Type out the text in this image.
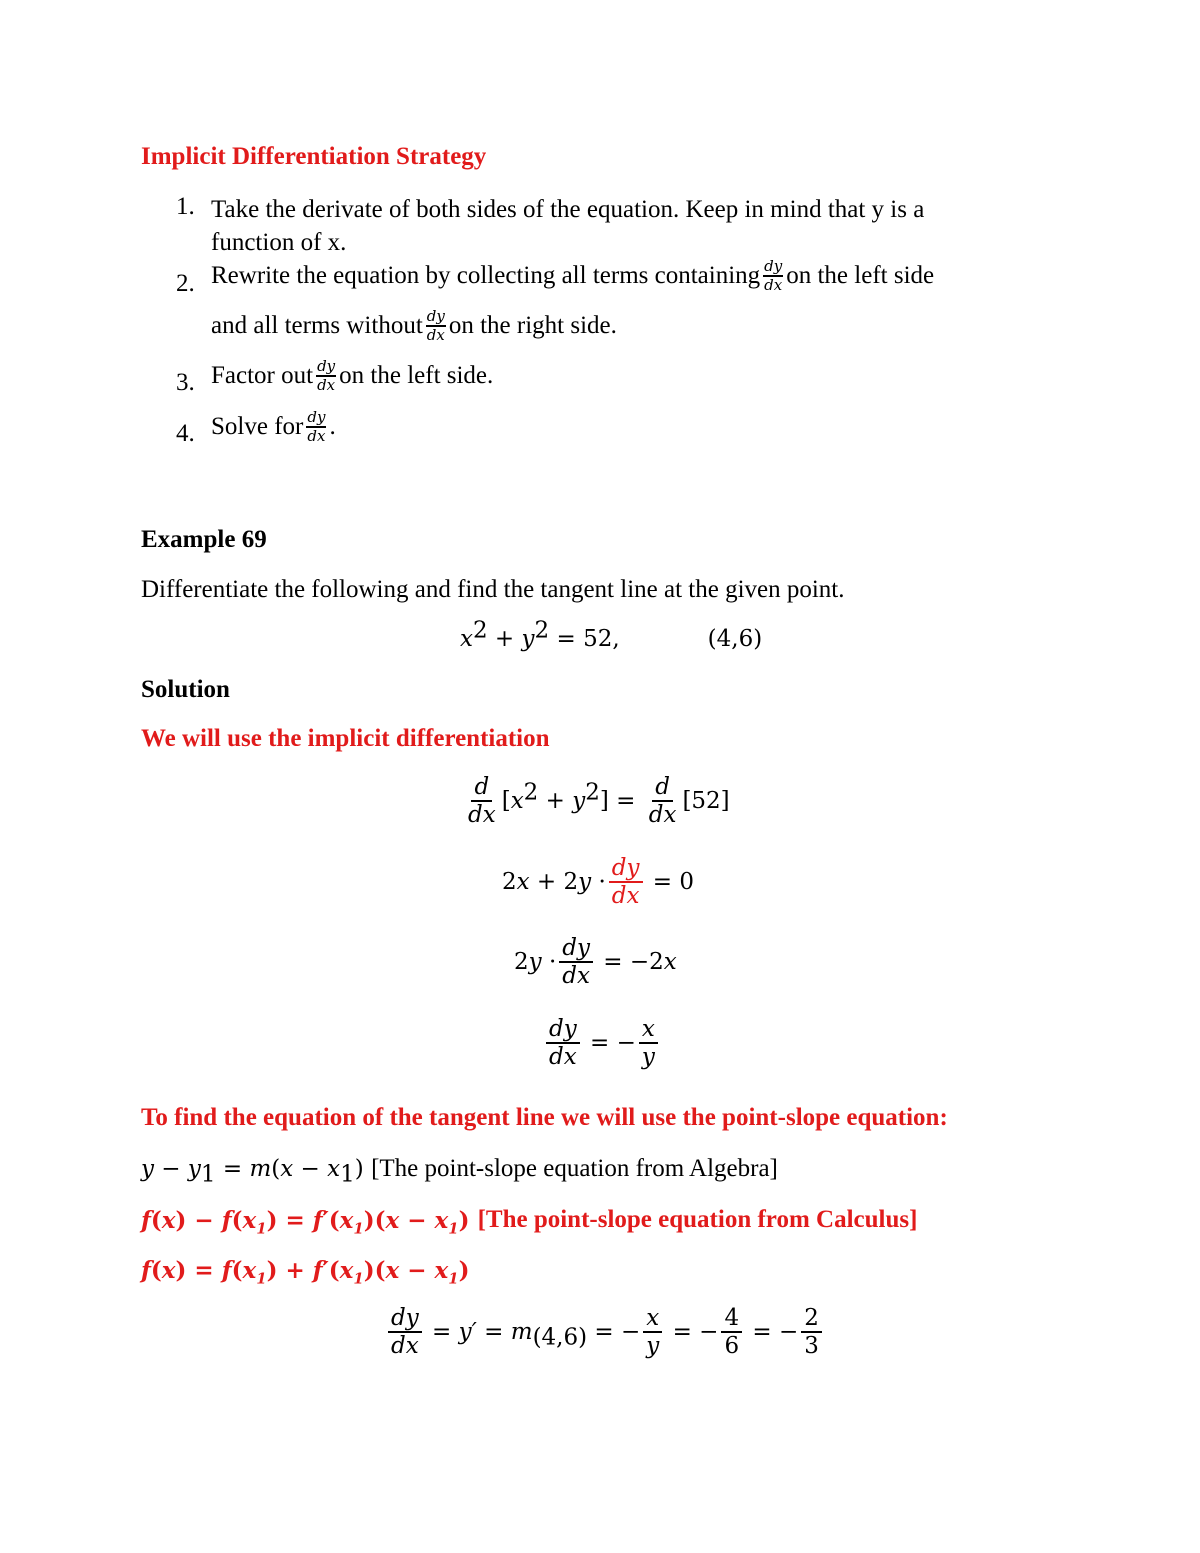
Implicit Differentiation Strategy
1. Take the derivate of both sides of the equation. Keep in mind that y is a
function of x.
2. Rewrite the equation by collecting all terms containing $\frac{dy}{dx}$ on the left side
and all terms without $\frac{dy}{dx}$ on the right side.
3. Factor out $\frac{dy}{dx}$ on the left side.
4. Solve for $\frac{dy}{dx}$ .
Example 69
Differentiate the following and find the tangent line at the given point.
$x^2 + y^2 = 52$,	(4,6)
Solution
We will use the implicit differentiation
$\frac{d}{dx}$ [ $x^2 + y^2$ ] = $\frac{d}{dx} [52]$
2 x + 2 $y \cdot \frac{dy}{dx} = 0$
2 $y \cdot \frac{dy}{dx} = -2$ x
$\frac{dy}{dx}$ = − $\frac{x}{y}$
To find the equation of the tangent line we will use the point-slope equation:
$y - y_1 = m$ ( $x - x_1$ ) [The point-slope equation from Algebra]
f ( x ) − f ( $x_1$ ) = f′ ( $x_1$ )( $x - x_1$ ) [The point-slope equation from Calculus]
f ( x ) = f ( $x_1$ ) + f′ ( $x_1$ )( $x - x_1$ )
$\frac{dy}{dx} = y' = m_{(4,6)}$ = − $\frac{x}{y}$ = − $\frac{4}{6}$ = − $\frac{2}{3}$
